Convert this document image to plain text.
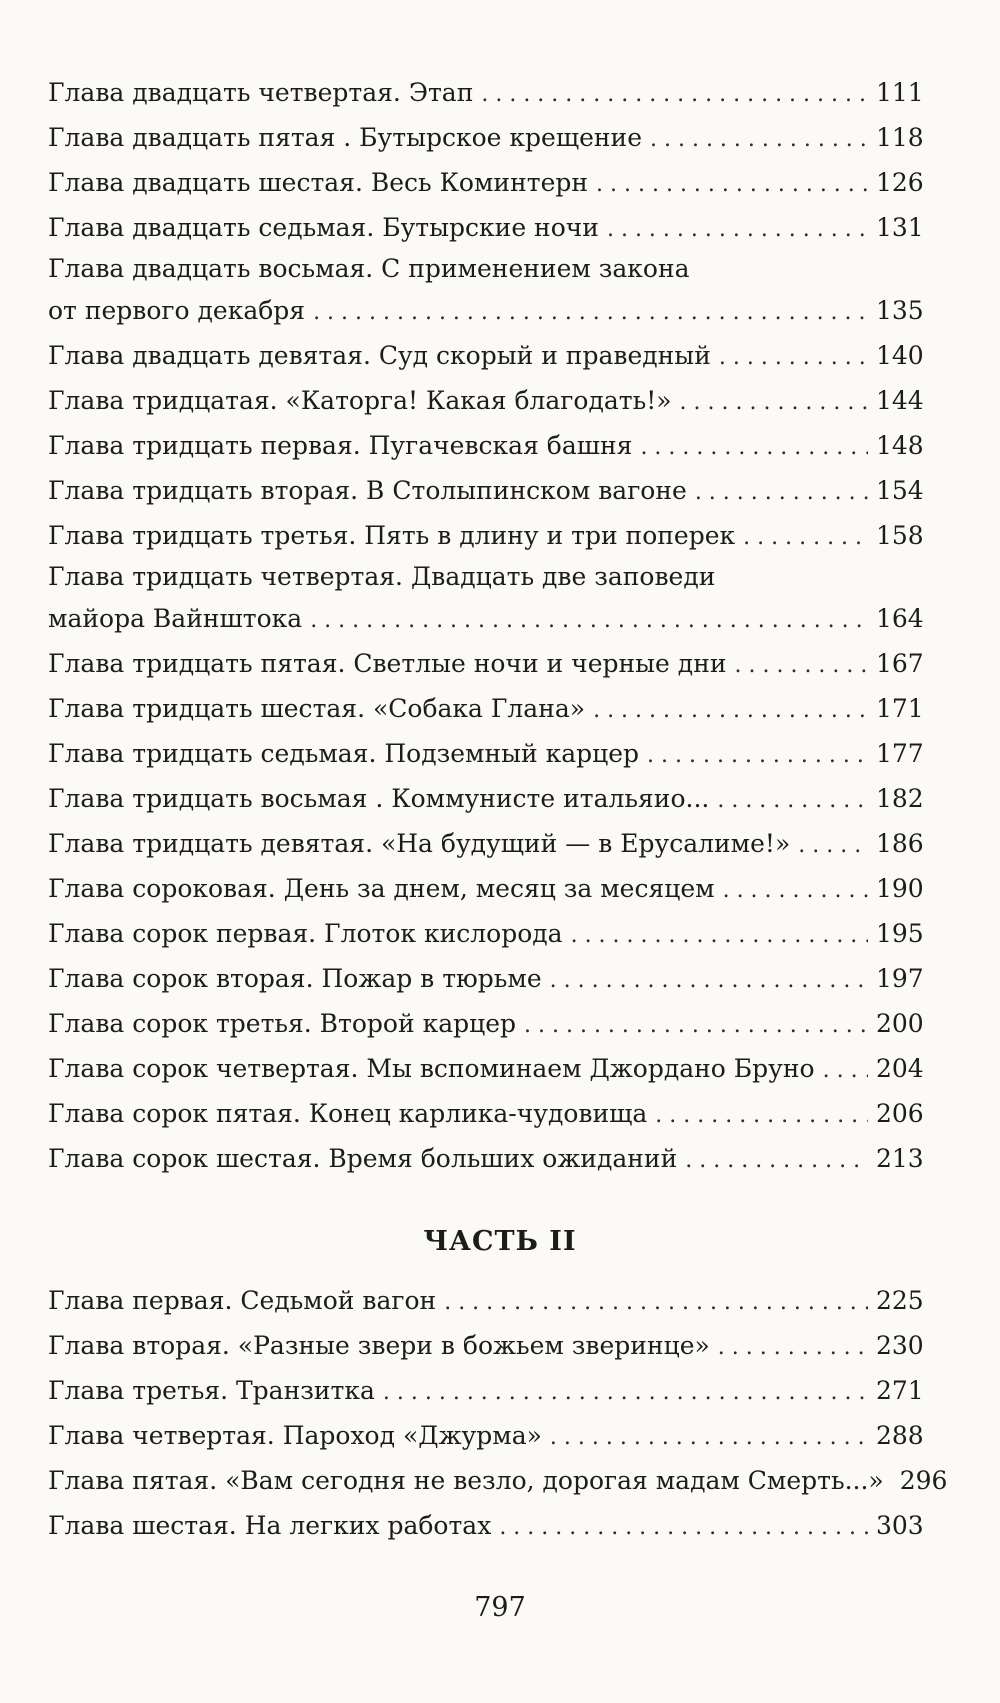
Глава двадцать четвертая. Этап . . .	111
Глава двадцать пятая . Бутырское крещение . . .	118
Глава двадцать шестая. Весь Коминтерн . . .	126
Глава двадцать седьмая. Бутырские ночи . . .	131
Глава двадцать восьмая. С применением закона
от первого декабря . . .	135
Глава двадцать девятая. Суд скорый и праведный . . .	140
Глава тридцатая. «Каторга! Какая благодать!» . . .	144
Глава тридцать первая. Пугачевская башня . . .	148
Глава тридцать вторая. В Столыпинском вагоне . . .	154
Глава тридцать третья. Пять в длину и три поперек . . .	158
Глава тридцать четвертая. Двадцать две заповеди
майора Вайнштока . . .	164
Глава тридцать пятая. Светлые ночи и черные дни . . .	167
Глава тридцать шестая. «Собака Глана» . . .	171
Глава тридцать седьмая. Подземный карцер . . .	177
Глава тридцать восьмая . Коммунисте итальяио... . . .	182
Глава тридцать девятая. «На будущий — в Ерусалиме!» . . .	186
Глава сороковая. День за днем, месяц за месяцем . . .	190
Глава сорок первая. Глоток кислорода . . .	195
Глава сорок вторая. Пожар в тюрьме . . .	197
Глава сорок третья. Второй карцер . . .	200
Глава сорок четвертая. Мы вспоминаем Джордано Бруно . . . 204
Глава сорок пятая. Конец карлика-чудовища . . .	206
Глава сорок шестая. Время больших ожиданий . . .	213
ЧАСТЬ II
Глава первая. Седьмой вагон . . .	225
Глава вторая. «Разные звери в божьем зверинце» . . .	230
Глава третья. Транзитка . . .	271
Глава четвертая. Пароход «Джурма» . . .	288
Глава пятая. «Вам сегодня не везло, дорогая мадам Смерть...» 296
Глава шестая. На легких работах . . .	303

797
